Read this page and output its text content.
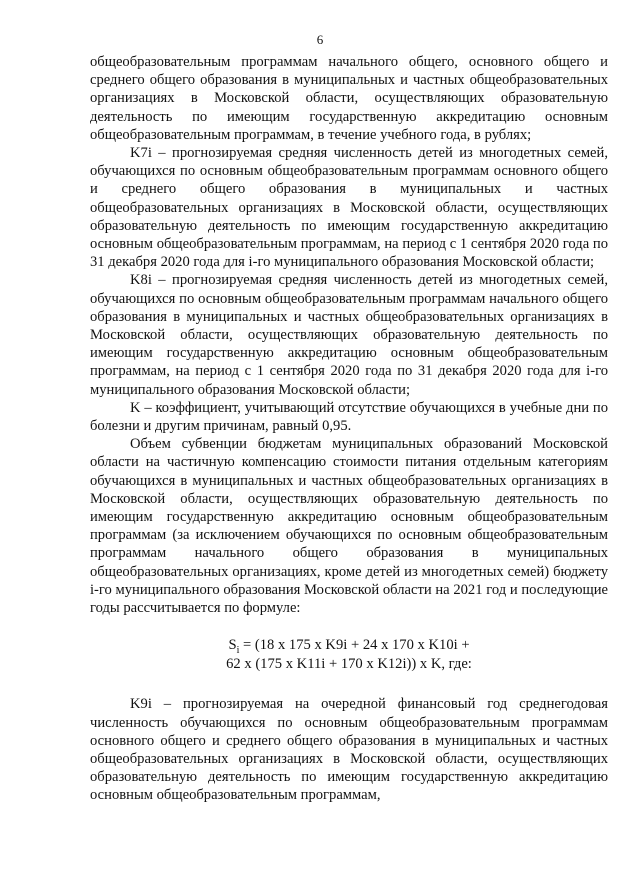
6

общеобразовательным программам начального общего, основного общего и среднего общего образования в муниципальных и частных общеобразовательных организациях в Московской области, осуществляющих образовательную деятельность по имеющим государственную аккредитацию основным общеобразовательным программам, в течение учебного года, в рублях;

K7i – прогнозируемая средняя численность детей из многодетных семей, обучающихся по основным общеобразовательным программам основного общего и среднего общего образования в муниципальных и частных общеобразовательных организациях в Московской области, осуществляющих образовательную деятельность по имеющим государственную аккредитацию основным общеобразовательным программам, на период с 1 сентября 2020 года по 31 декабря 2020 года для i-го муниципального образования Московской области;

K8i – прогнозируемая средняя численность детей из многодетных семей, обучающихся по основным общеобразовательным программам начального общего образования в муниципальных и частных общеобразовательных организациях в Московской области, осуществляющих образовательную деятельность по имеющим государственную аккредитацию основным общеобразовательным программам, на период с 1 сентября 2020 года по 31 декабря 2020 года для i-го муниципального образования Московской области;

K – коэффициент, учитывающий отсутствие обучающихся в учебные дни по болезни и другим причинам, равный 0,95.

Объем субвенции бюджетам муниципальных образований Московской области на частичную компенсацию стоимости питания отдельным категориям обучающихся в муниципальных и частных общеобразовательных организациях в Московской области, осуществляющих образовательную деятельность по имеющим государственную аккредитацию основным общеобразовательным программам (за исключением обучающихся по основным общеобразовательным программам начального общего образования в муниципальных общеобразовательных организациях, кроме детей из многодетных семей) бюджету i-го муниципального образования Московской области на 2021 год и последующие годы рассчитывается по формуле:

$S_i = (18$ x 175 x K9i + 24 x 170 x K10i +
62 x (175 x K11i + 170 x K12i)) x K, где:

K9i – прогнозируемая на очередной финансовый год среднегодовая численность обучающихся по основным общеобразовательным программам основного общего и среднего общего образования в муниципальных и частных общеобразовательных организациях в Московской области, осуществляющих образовательную деятельность по имеющим государственную аккредитацию основным общеобразовательным программам,
